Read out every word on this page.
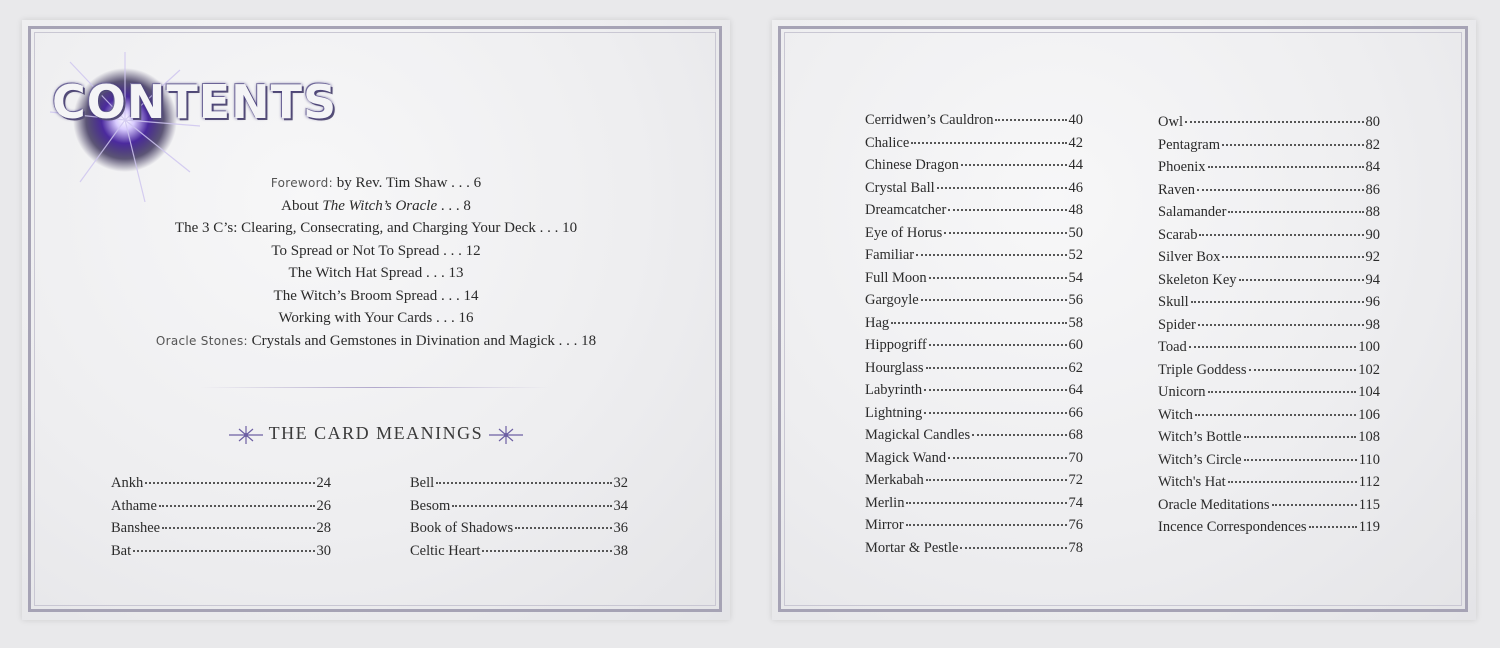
CONTENTS
Foreword: by Rev. Tim Shaw . . . 6
About The Witch’s Oracle . . . 8
The 3 C’s: Clearing, Consecrating, and Charging Your Deck . . . 10
To Spread or Not To Spread . . . 12
The Witch Hat Spread . . . 13
The Witch’s Broom Spread . . . 14
Working with Your Cards . . . 16
Oracle Stones: Crystals and Gemstones in Divination and Magick . . . 18
THE CARD MEANINGS
Ankh	24
Athame	26
Banshee	28
Bat	30
Bell	32
Besom	34
Book of Shadows	36
Celtic Heart	38
Cerridwen’s Cauldron	40
Chalice	42
Chinese Dragon	44
Crystal Ball	46
Dreamcatcher	48
Eye of Horus	50
Familiar	52
Full Moon	54
Gargoyle	56
Hag	58
Hippogriff	60
Hourglass	62
Labyrinth	64
Lightning	66
Magickal Candles	68
Magick Wand	70
Merkabah	72
Merlin	74
Mirror	76
Mortar & Pestle	78
Owl	80
Pentagram	82
Phoenix	84
Raven	86
Salamander	88
Scarab	90
Silver Box	92
Skeleton Key	94
Skull	96
Spider	98
Toad	100
Triple Goddess	102
Unicorn	104
Witch	106
Witch’s Bottle	108
Witch’s Circle	110
Witch's Hat	112
Oracle Meditations	115
Incence Correspondences	119
